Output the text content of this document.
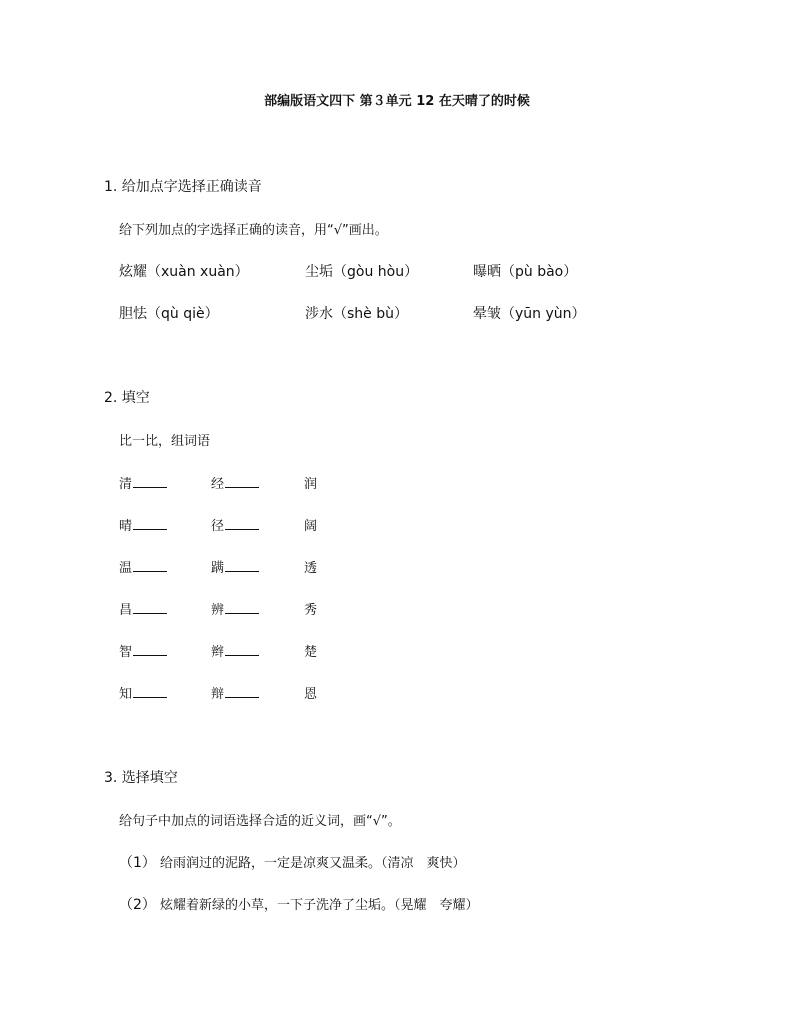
部编版语文四下 第３单元 12 在天晴了的时候
1. 给加点字选择正确读音
给下列加点的字选择正确的读音，用“√”画出。
炫耀（xuàn xuàn）	尘垢（gòu hòu）	曝晒（pù bào）
胆怯（qù qiè）	涉水（shè bù）	晕皱（yūn yùn）
2. 填空
比一比，组词语
清	经	润
晴	径	阔
温	蹒	透
昌	辨	秀
智	辫	楚
知	辩	恩
3. 选择填空
给句子中加点的词语选择合适的近义词，画“√”。
（1） 给雨润过的泥路，一定是凉爽又温柔。（清凉　爽快）
（2） 炫耀着新绿的小草，一下子洗净了尘垢。（晃耀　夸耀）
